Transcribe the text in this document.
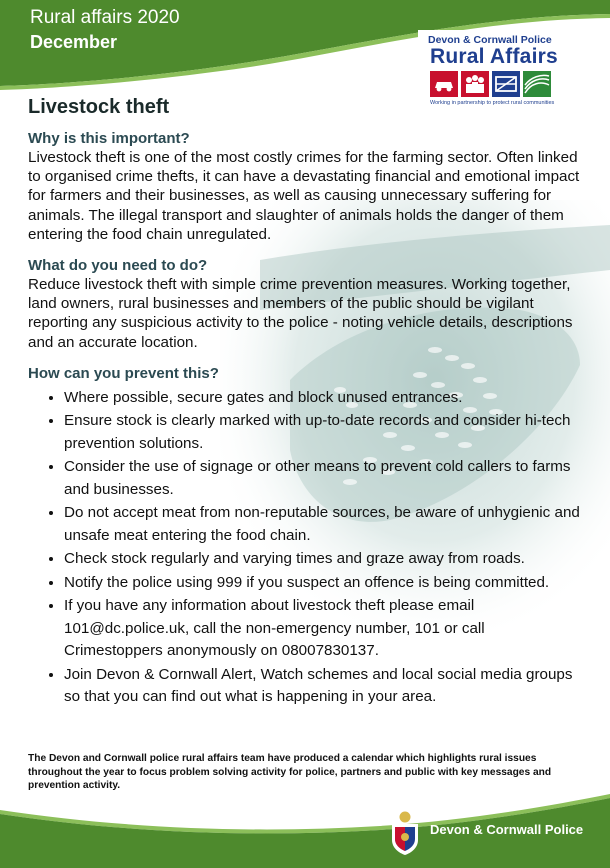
Rural affairs 2020
December	Devon & Cornwall Police
Rural Affairs
Working in partnership to protect rural communities
Livestock theft
Why is this important?

Livestock theft is one of the most costly crimes for the farming sector. Often linked to organised crime thefts, it can have a devastating financial and emotional impact for farmers and their businesses, as well as causing unnecessary suffering for animals. The illegal transport and slaughter of animals holds the danger of them entering the food chain unregulated.

What do you need to do?

Reduce livestock theft with simple crime prevention measures. Working together, land owners, rural businesses and members of the public should be vigilant reporting any suspicious activity to the police - noting vehicle details, descriptions and an accurate location.

How can you prevent this?
• Where possible, secure gates and block unused entrances.
• Ensure stock is clearly marked with up-to-date records and consider hi-tech prevention solutions.
• Consider the use of signage or other means to prevent cold callers to farms and businesses.
• Do not accept meat from non-reputable sources, be aware of unhygienic and unsafe meat entering the food chain.
• Check stock regularly and varying times and graze away from roads.
• Notify the police using 999 if you suspect an offence is being committed.
• If you have any information about livestock theft please email 101@dc.police.uk, call the non-emergency number, 101 or call Crimestoppers anonymously on 08007830137.
• Join Devon & Cornwall Alert, Watch schemes and local social media groups so that you can find out what is happening in your area.
The Devon and Cornwall police rural affairs team have produced a calendar which highlights rural issues throughout the year to focus problem solving activity for police, partners and public with key messages and prevention activity.
Devon & Cornwall Police
